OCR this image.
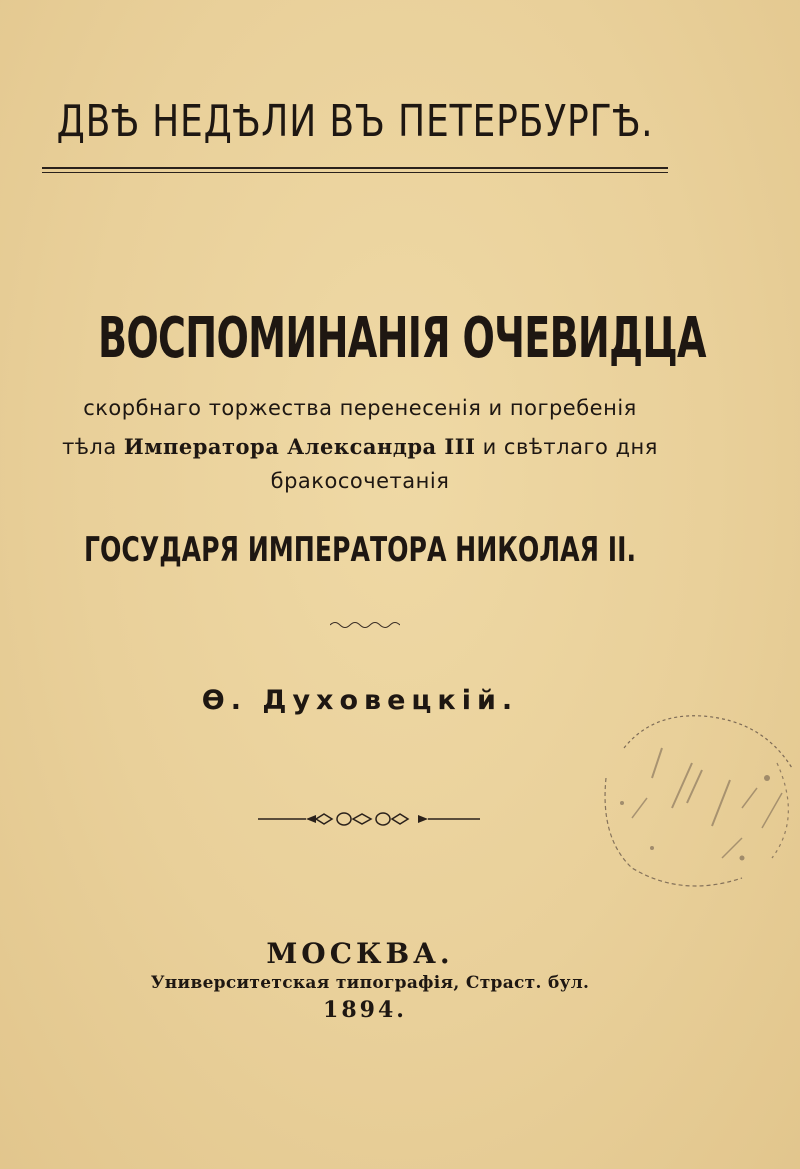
ДВѢ НЕДѢЛИ ВЪ ПЕТЕРБУРГѢ.
ВОСПОМИНАНІЯ ОЧЕВИДЦА
скорбнаго торжества перенесенія и погребенія
тѣла Императора Александра III и свѣтлаго дня
бракосочетанія
ГОСУДАРЯ ИМПЕРАТОРА НИКОЛАЯ II.
Ѳ. Духовецкій.
МОСКВА.
Университетская типографія, Страст. бул.
1894.
